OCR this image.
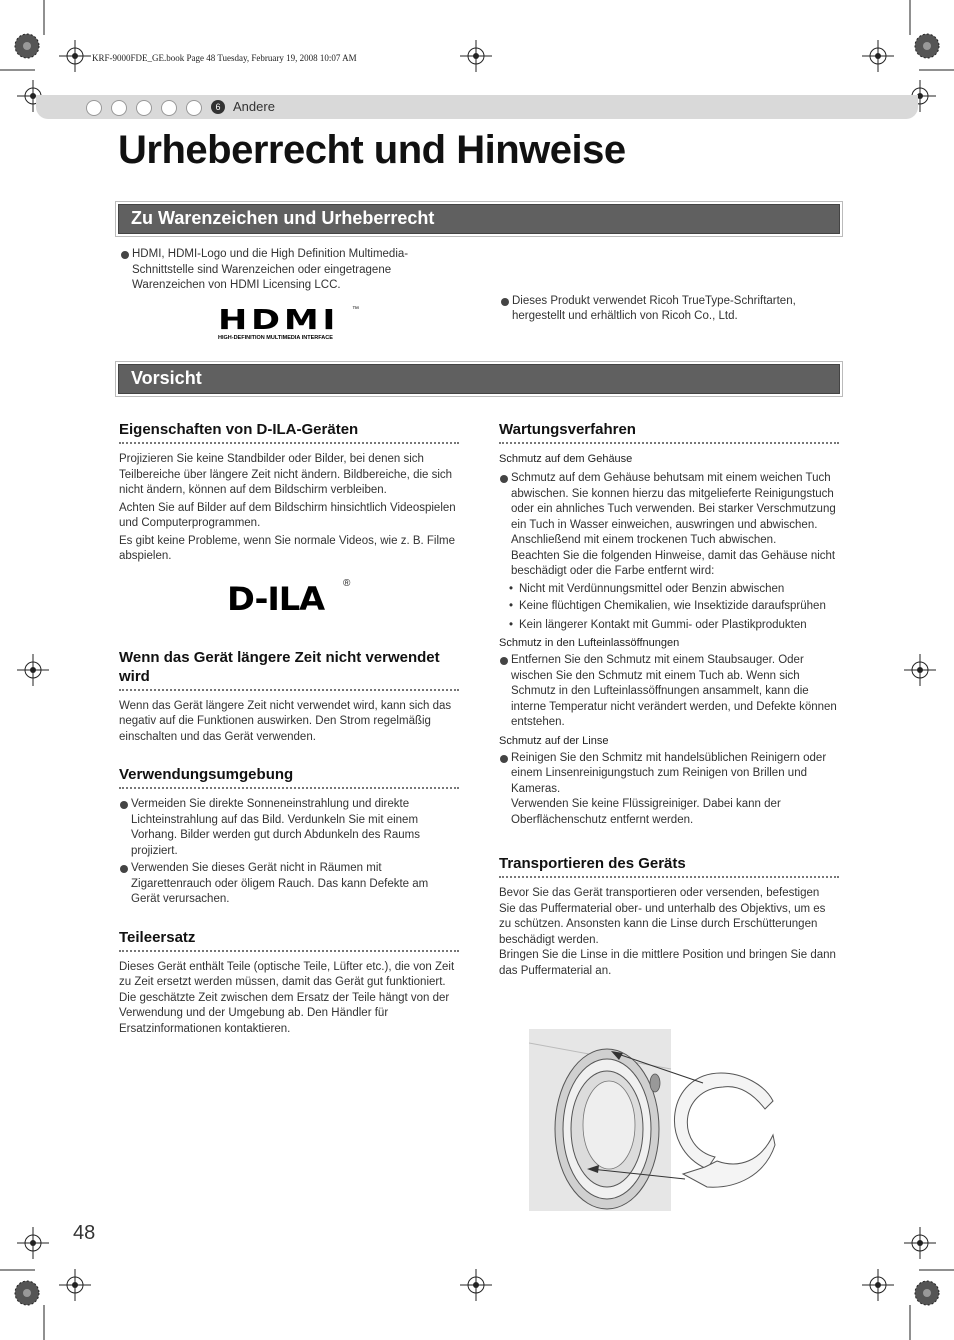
KRF-9000FDE_GE.book Page 48 Tuesday, February 19, 2008 10:07 AM
6 Andere
Urheberrecht und Hinweise
Zu Warenzeichen und Urheberrecht
HDMI, HDMI-Logo und die High Definition Multimedia-Schnittstelle sind Warenzeichen oder eingetragene Warenzeichen von HDMI Licensing LCC.
HDMI
HIGH-DEFINITION MULTIMEDIA INTERFACE
™
Dieses Produkt verwendet Ricoh TrueType-Schriftarten, hergestellt und erhältlich von Ricoh Co., Ltd.
Vorsicht
Eigenschaften von D-ILA-Geräten

Projizieren Sie keine Standbilder oder Bilder, bei denen sich Teilbereiche über längere Zeit nicht ändern. Bildbereiche, die sich nicht ändern, können auf dem Bildschirm verbleiben.

Achten Sie auf Bilder auf dem Bildschirm hinsichtlich Videospielen und Computerprogrammen.

Es gibt keine Probleme, wenn Sie normale Videos, wie z. B. Filme abspielen.

D-ILA ®
Wenn das Gerät längere Zeit nicht verwendet wird

Wenn das Gerät längere Zeit nicht verwendet wird, kann sich das negativ auf die Funktionen auswirken. Den Strom regelmäßig einschalten und das Gerät verwenden.

Verwendungsumgebung
Vermeiden Sie direkte Sonneneinstrahlung und direkte Lichteinstrahlung auf das Bild. Verdunkeln Sie mit einem Vorhang. Bilder werden gut durch Abdunkeln des Raums projiziert.
Verwenden Sie dieses Gerät nicht in Räumen mit Zigarettenrauch oder öligem Rauch. Das kann Defekte am Gerät verursachen.
Teileersatz

Dieses Gerät enthält Teile (optische Teile, Lüfter etc.), die von Zeit zu Zeit ersetzt werden müssen, damit das Gerät gut funktioniert. Die geschätzte Zeit zwischen dem Ersatz der Teile hängt von der Verwendung und der Umgebung ab. Den Händler für Ersatzinformationen kontaktieren.

Wartungsverfahren
Schmutz auf dem Gehäuse

Schmutz auf dem Gehäuse behutsam mit einem weichen Tuch abwischen. Sie konnen hierzu das mitgelieferte Reinigungstuch oder ein ahnliches Tuch verwenden. Bei starker Verschmutzung ein Tuch in Wasser einweichen, auswringen und abwischen. Anschließend mit einem trockenen Tuch abwischen.

Beachten Sie die folgenden Hinweise, damit das Gehäuse nicht beschädigt oder die Farbe entfernt wird:

• Nicht mit Verdünnungsmittel oder Benzin abwischen
• Keine flüchtigen Chemikalien, wie Insektizide daraufsprühen
• Kein längerer Kontakt mit Gummi- oder Plastikprodukten
Schmutz in den Lufteinlassöffnungen
Entfernen Sie den Schmutz mit einem Staubsauger. Oder wischen Sie den Schmutz mit einem Tuch ab. Wenn sich Schmutz in den Lufteinlassöffnungen ansammelt, kann die interne Temperatur nicht verändert werden, und Defekte können entstehen.
Schmutz auf der Linse

Reinigen Sie den Schmitz mit handelsüblichen Reinigern oder einem Linsenreinigungstuch zum Reinigen von Brillen und Kameras.

Verwenden Sie keine Flüssigreiniger. Dabei kann der Oberflächenschutz entfernt werden.

Transportieren des Geräts

Bevor Sie das Gerät transportieren oder versenden, befestigen Sie das Puffermaterial ober- und unterhalb des Objektivs, um es zu schützen. Ansonsten kann die Linse durch Erschütterungen beschädigt werden.

Bringen Sie die Linse in die mittlere Position und bringen Sie dann das Puffermaterial an.

48
